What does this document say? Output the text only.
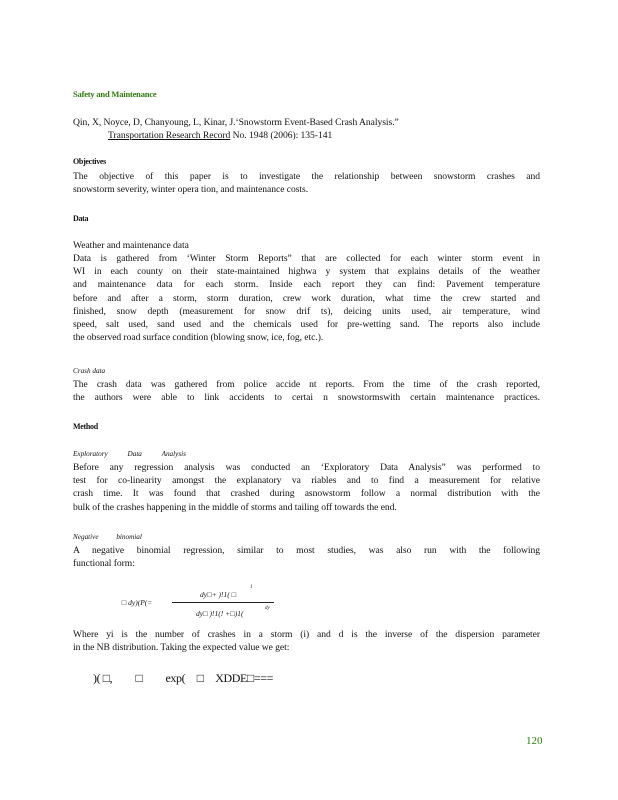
Safety and Maintenance
Qin, X, Noyce, D, Chanyoung, L, Kinar, J.‘Snowstorm Event-Based Crash Analysis.”
Transportation Research Record No. 1948 (2006): 135-141
Objectives
The objective of this paper is to investigate the relationship between snowstorm crashes and
snowstorm severity, winter opera tion, and maintenance costs.
Data
Weather and maintenance data
Data is gathered from ‘Winter Storm Reports” that are collected for each winter storm event in
WI in each county on their state-maintained highwa y system that explains details of the weather
and maintenance data for each storm. Inside each report they can find: Pavement temperature
before and after a storm, storm duration, crew work duration, what time the crew started and
finished, snow depth (measurement for snow drif ts), deicing units used, air temperature, wind
speed, salt used, sand used and the chemicals used for pre-wetting sand. The reports also include
the observed road surface condition (blowing snow, ice, fog, etc.).
Crash data
The crash data was gathered from police accide nt reports. From the time of the crash reported,
the authors were able to link accidents to certai n snowstormswith certain maintenance practices.
Method
Exploratory Data Analysis
Before any regression analysis was conducted an ‘Exploratory Data Analysis” was performed to
test for co-linearity amongst the explanatory va riables and to find a measurement for relative
crash time. It was found that crashed during asnowstorm follow a normal distribution with the
bulk of the crashes happening in the middle of storms and tailing off towards the end.
Negative binomial
A negative binomial regression, similar to most studies, was also run with the following
functional form:
 □ dy)(P(=
dy□+ )!1( □
1
dy□ )!1(! +□)1(
dy
Where yi is the number of crashes in a storm (i) and d is the inverse of the dispersion parameter
in the NB distribution. Taking the expected value we get:
)( □,  □  exp( □ XDDE□===
120
